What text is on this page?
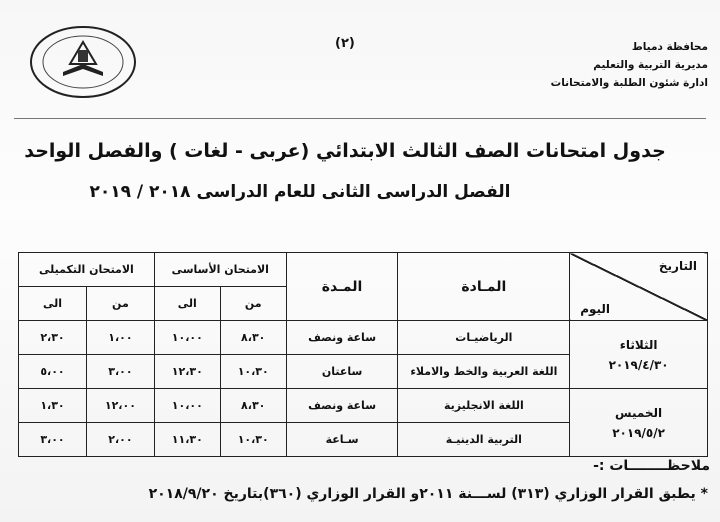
(٢)	محافظة دمياط
مديرية التربية والتعليم
ادارة شئون الطلبة والامتحانات
جدول امتحانات الصف الثالث الابتدائي (عربى - لغات ) والفصل الواحد
الفصل الدراسى الثانى للعام الدراسى ٢٠١٨ / ٢٠١٩
التاريخ
اليوم	المـادة	المـدة	الامتحان الأساسى		الامتحان التكميلى	
			من	الى	من	الى

الثلاثاء
٢٠١٩/٤/٣٠	الرياضيـات	ساعة ونصف	٨،٣٠	١٠،٠٠	١،٠٠	٢،٣٠
	اللغة العربية والخط والاملاء	ساعتان	١٠،٣٠	١٢،٣٠	٣،٠٠	٥،٠٠

الخميس
٢٠١٩/٥/٢	اللغة الانجليزية	ساعة ونصف	٨،٣٠	١٠،٠٠	١٢،٠٠	١،٣٠
	التربية الدينيـة	سـاعة	١٠،٣٠	١١،٣٠	٢،٠٠	٣،٠٠
ملاحظــــــــات :-
* يطبق القرار الوزاري (٣١٣) لســـنة ٢٠١١و القرار الوزاري (٣٦٠)بتاريخ ٢٠١٨/٩/٢٠
